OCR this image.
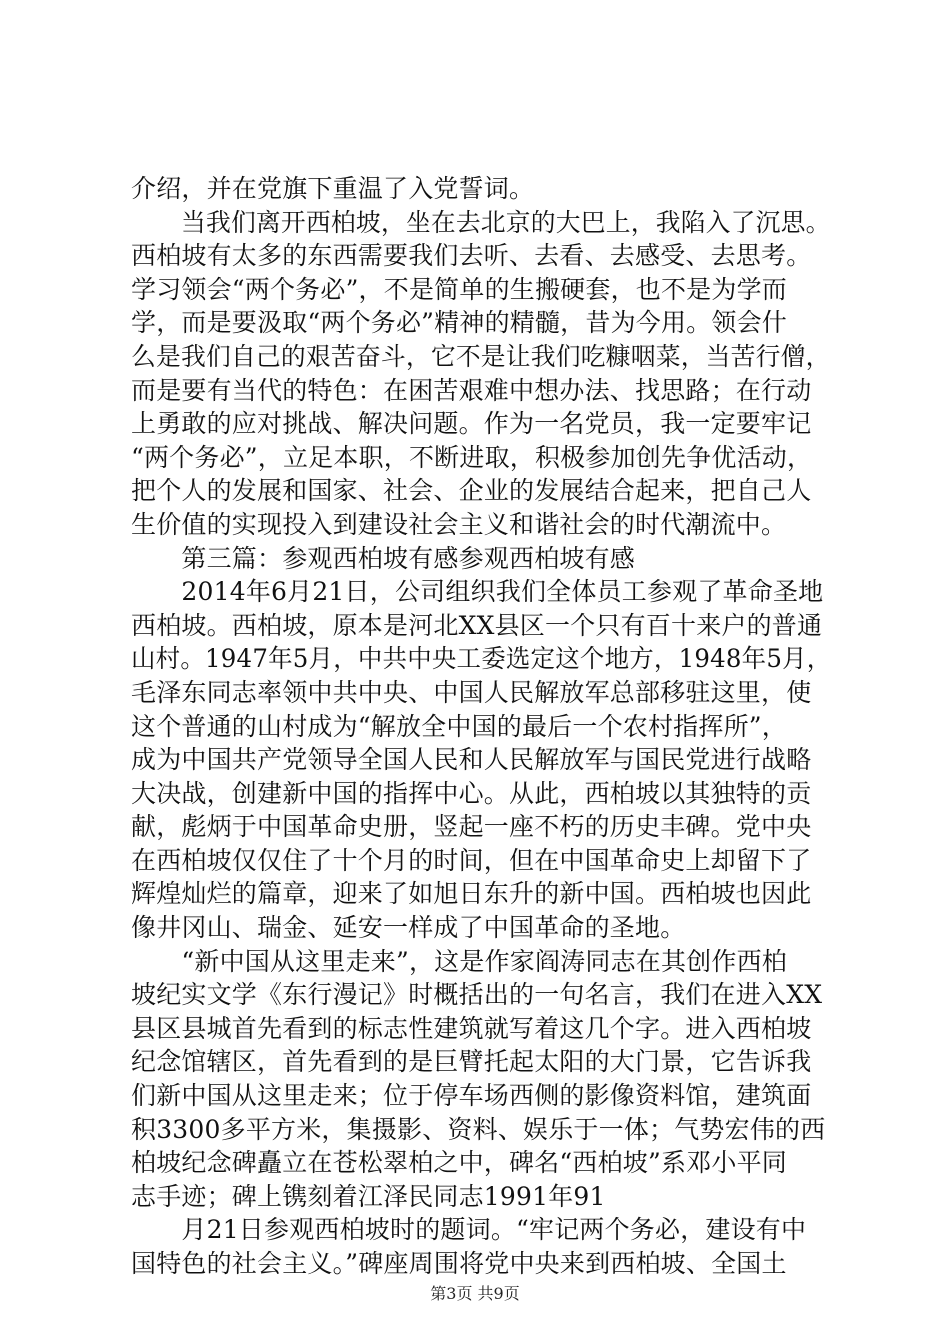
介绍，并在党旗下重温了入党誓词。
　　当我们离开西柏坡，坐在去北京的大巴上，我陷入了沉思。
西柏坡有太多的东西需要我们去听、去看、去感受、去思考。
学习领会“两个务必”，不是简单的生搬硬套，也不是为学而
学，而是要汲取“两个务必”精神的精髓，昔为今用。领会什
么是我们自己的艰苦奋斗，它不是让我们吃糠咽菜，当苦行僧，
而是要有当代的特色：在困苦艰难中想办法、找思路；在行动
上勇敢的应对挑战、解决问题。作为一名党员，我一定要牢记
“两个务必”，立足本职，不断进取，积极参加创先争优活动，
把个人的发展和国家、社会、企业的发展结合起来，把自己人
生价值的实现投入到建设社会主义和谐社会的时代潮流中。
　　第三篇：参观西柏坡有感参观西柏坡有感
　　2014年6月21日，公司组织我们全体员工参观了革命圣地
西柏坡。西柏坡，原本是河北XX县区一个只有百十来户的普通
山村。1947年5月，中共中央工委选定这个地方，1948年5月，
毛泽东同志率领中共中央、中国人民解放军总部移驻这里，使
这个普通的山村成为“解放全中国的最后一个农村指挥所”，
成为中国共产党领导全国人民和人民解放军与国民党进行战略
大决战，创建新中国的指挥中心。从此，西柏坡以其独特的贡
献，彪炳于中国革命史册，竖起一座不朽的历史丰碑。党中央
在西柏坡仅仅住了十个月的时间，但在中国革命史上却留下了
辉煌灿烂的篇章，迎来了如旭日东升的新中国。西柏坡也因此
像井冈山、瑞金、延安一样成了中国革命的圣地。
　　“新中国从这里走来”，这是作家阎涛同志在其创作西柏
坡纪实文学《东行漫记》时概括出的一句名言，我们在进入XX
县区县城首先看到的标志性建筑就写着这几个字。进入西柏坡
纪念馆辖区，首先看到的是巨臂托起太阳的大门景，它告诉我
们新中国从这里走来；位于停车场西侧的影像资料馆，建筑面
积3300多平方米，集摄影、资料、娱乐于一体；气势宏伟的西
柏坡纪念碑矗立在苍松翠柏之中，碑名“西柏坡”系邓小平同
志手迹；碑上镌刻着江泽民同志1991年91
　　月21日参观西柏坡时的题词。“牢记两个务必，建设有中
国特色的社会主义。”碑座周围将党中央来到西柏坡、全国土
第3页 共9页
